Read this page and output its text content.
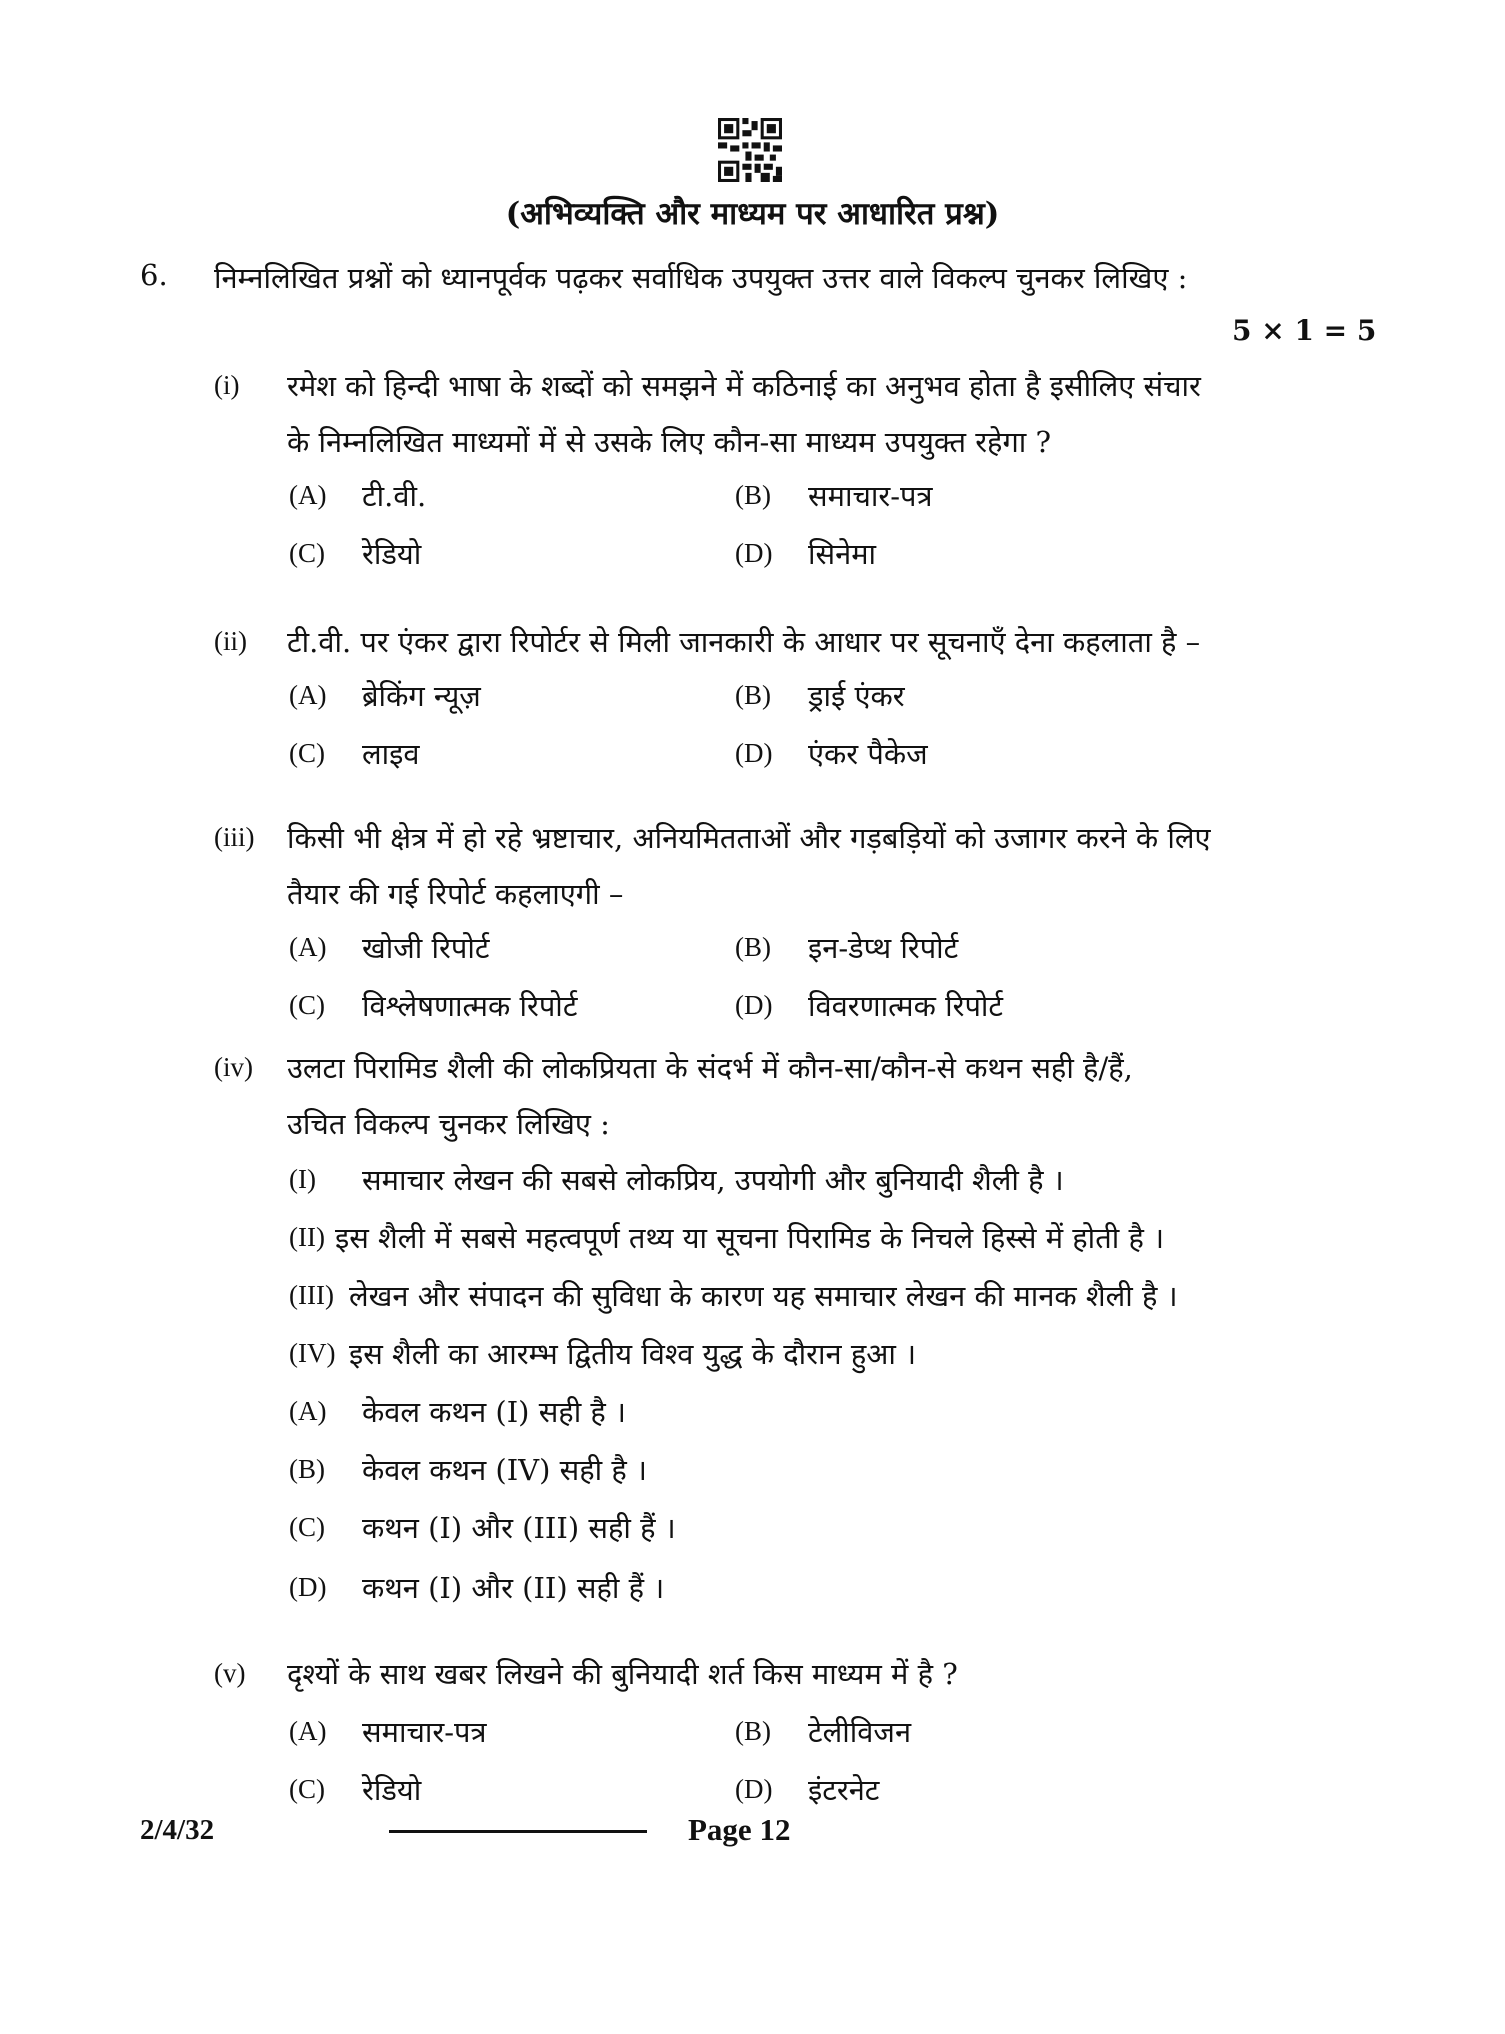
(अभिव्यक्ति और माध्यम पर आधारित प्रश्न)
6. निम्नलिखित प्रश्नों को ध्यानपूर्वक पढ़कर सर्वाधिक उपयुक्त उत्तर वाले विकल्प चुनकर लिखिए :
5 × 1 = 5
(i) रमेश को हिन्दी भाषा के शब्दों को समझने में कठिनाई का अनुभव होता है इसीलिए संचार
के निम्नलिखित माध्यमों में से उसके लिए कौन-सा माध्यम उपयुक्त रहेगा ?
(A) टी.वी.	(B) समाचार-पत्र
(C) रेडियो	(D) सिनेमा
(ii) टी.वी. पर एंकर द्वारा रिपोर्टर से मिली जानकारी के आधार पर सूचनाएँ देना कहलाता है –
(A) ब्रेकिंग न्यूज़	(B) ड्राई एंकर
(C) लाइव	(D) एंकर पैकेज
(iii) किसी भी क्षेत्र में हो रहे भ्रष्टाचार, अनियमितताओं और गड़बड़ियों को उजागर करने के लिए
तैयार की गई रिपोर्ट कहलाएगी –
(A) खोजी रिपोर्ट	(B) इन-डेप्थ रिपोर्ट
(C) विश्लेषणात्मक रिपोर्ट	(D) विवरणात्मक रिपोर्ट
(iv) उलटा पिरामिड शैली की लोकप्रियता के संदर्भ में कौन-सा/कौन-से कथन सही है/हैं,
उचित विकल्प चुनकर लिखिए :
(I) समाचार लेखन की सबसे लोकप्रिय, उपयोगी और बुनियादी शैली है ।
(II) इस शैली में सबसे महत्वपूर्ण तथ्य या सूचना पिरामिड के निचले हिस्से में होती है ।
(III) लेखन और संपादन की सुविधा के कारण यह समाचार लेखन की मानक शैली है ।
(IV) इस शैली का आरम्भ द्वितीय विश्व युद्ध के दौरान हुआ ।
(A) केवल कथन (I) सही है ।
(B) केवल कथन (IV) सही है ।
(C) कथन (I) और (III) सही हैं ।
(D) कथन (I) और (II) सही हैं ।
(v) दृश्यों के साथ खबर लिखने की बुनियादी शर्त किस माध्यम में है ?
(A) समाचार-पत्र	(B) टेलीविजन
(C) रेडियो	(D) इंटरनेट
2/4/32	Page 12
